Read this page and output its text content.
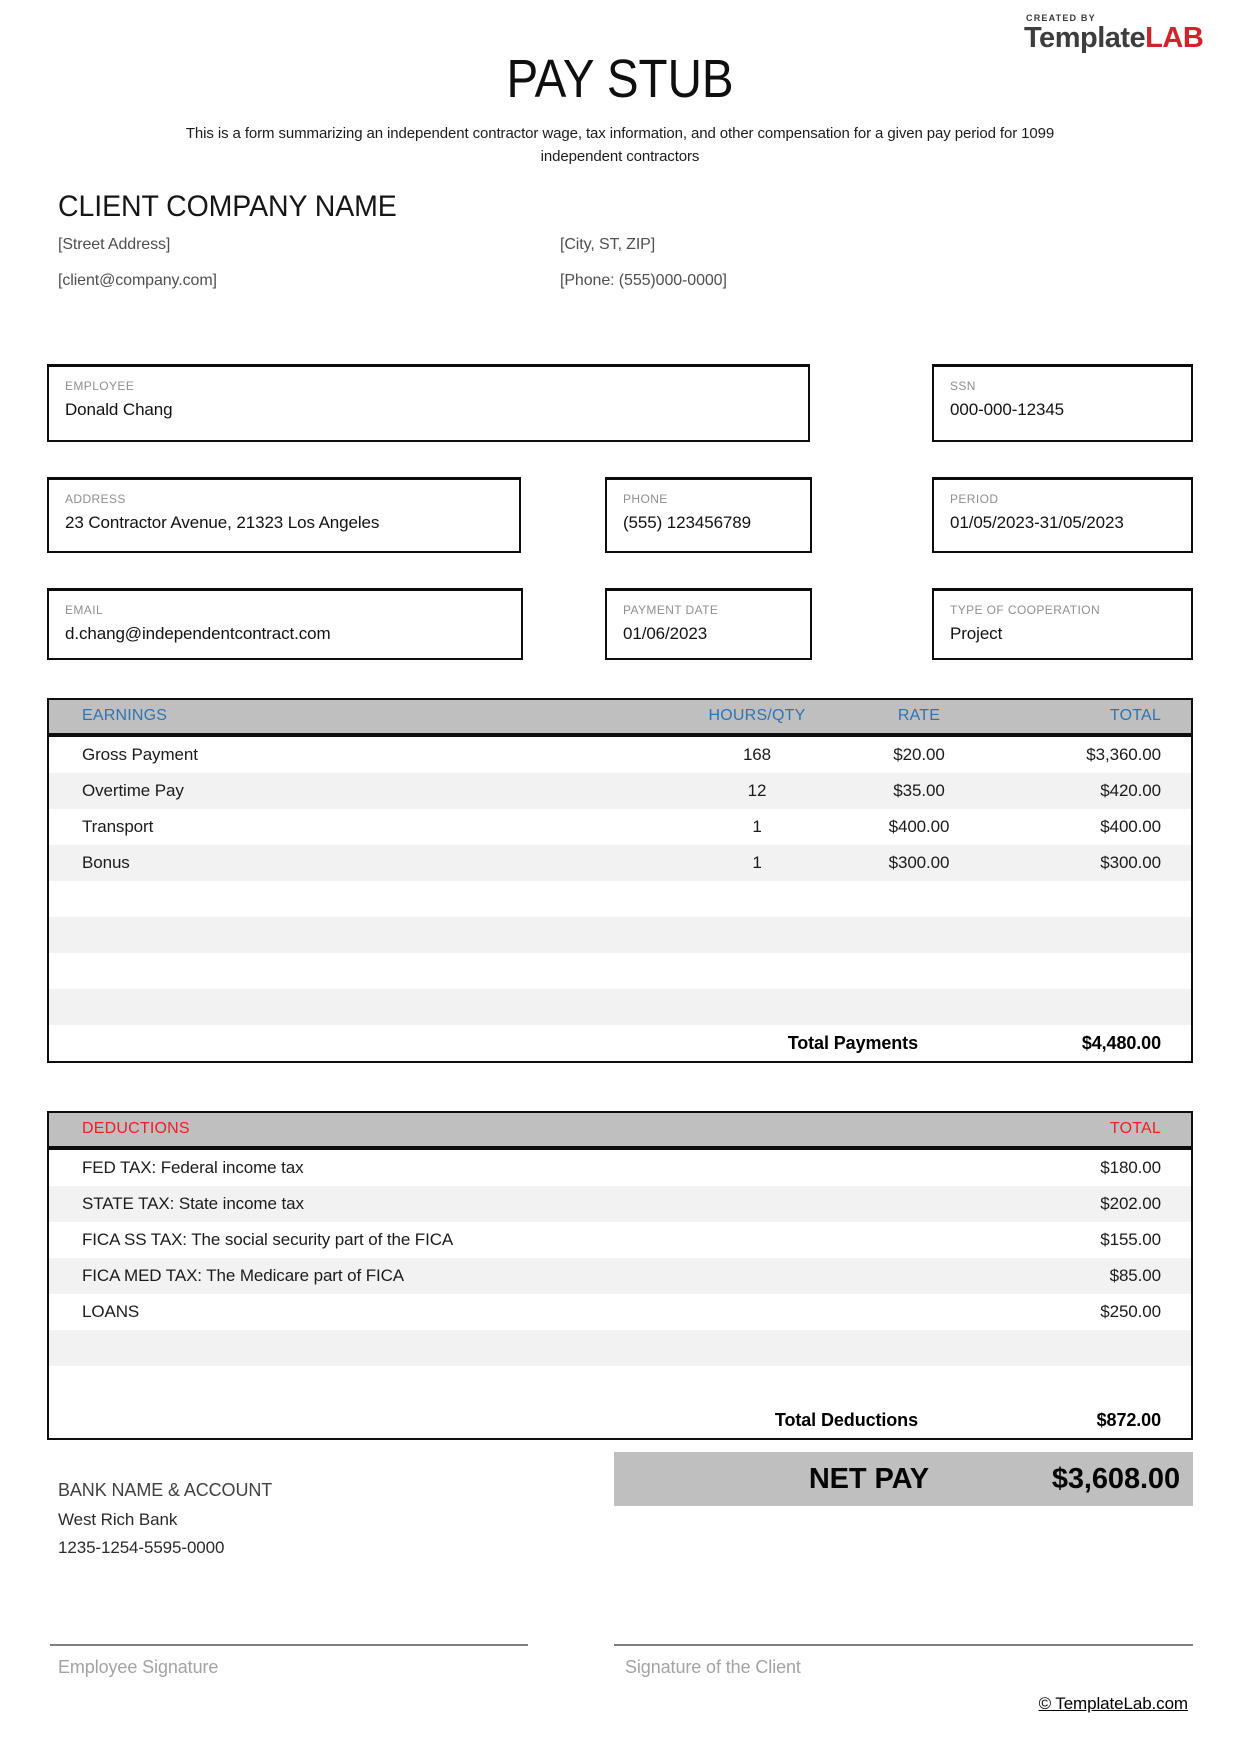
CREATED BY
TemplateLAB
PAY STUB
This is a form summarizing an independent contractor wage, tax information, and other compensation for a given pay period for 1099
independent contractors
CLIENT COMPANY NAME
[Street Address]	[City, ST, ZIP]
[client@company.com]	[Phone: (555)000-0000]
EMPLOYEE
Donald Chang
SSN
000-000-12345
ADDRESS
23 Contractor Avenue, 21323 Los Angeles
PHONE
(555) 123456789
PERIOD
01/05/2023-31/05/2023
EMAIL
d.chang@independentcontract.com
PAYMENT DATE
01/06/2023
TYPE OF COOPERATION
Project
EARNINGS	HOURS/QTY	RATE	TOTAL
Gross Payment	168	$20.00	$3,360.00
Overtime Pay	12	$35.00	$420.00
Transport	1	$400.00	$400.00
Bonus	1	$300.00	$300.00
Total Payments	$4,480.00
DEDUCTIONS	TOTAL
FED TAX: Federal income tax	$180.00
STATE TAX: State income tax	$202.00
FICA SS TAX: The social security part of the FICA	$155.00
FICA MED TAX: The Medicare part of FICA	$85.00
LOANS	$250.00
Total Deductions	$872.00
NET PAY	$3,608.00
BANK NAME & ACCOUNT
West Rich Bank
1235-1254-5595-0000
Employee Signature	Signature of the Client
© TemplateLab.com
